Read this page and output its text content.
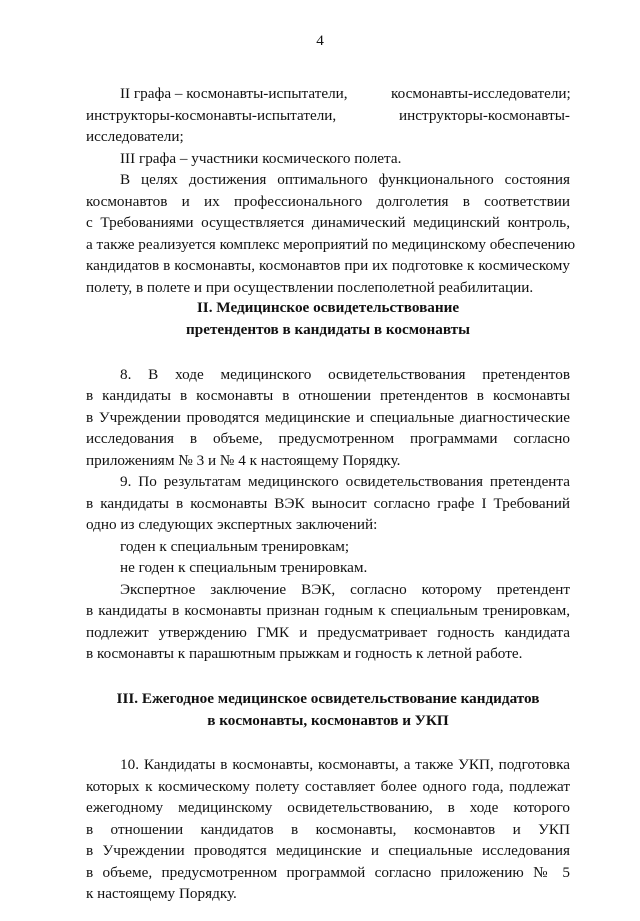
4
II графа – космонавты-испытатели,	космонавты-исследователи;
инструкторы-космонавты-испытатели,	инструкторы-космонавты-
исследователи;
III графа – участники космического полета.
В целях достижения оптимального функционального состояния
космонавтов и их профессионального долголетия в соответствии
с Требованиями осуществляется динамический медицинский контроль,
а также реализуется комплекс мероприятий по медицинскому обеспечению
кандидатов в космонавты, космонавтов при их подготовке к космическому
полету, в полете и при осуществлении послеполетной реабилитации.
II. Медицинское освидетельствование
претендентов в кандидаты в космонавты
8. В ходе медицинского освидетельствования претендентов
в кандидаты в космонавты в отношении претендентов в космонавты
в Учреждении проводятся медицинские и специальные диагностические
исследования в объеме, предусмотренном программами согласно
приложениям № 3 и № 4 к настоящему Порядку.
9. По результатам медицинского освидетельствования претендента
в кандидаты в космонавты ВЭК выносит согласно графе I Требований
одно из следующих экспертных заключений:
годен к специальным тренировкам;
не годен к специальным тренировкам.
Экспертное заключение ВЭК, согласно которому претендент
в кандидаты в космонавты признан годным к специальным тренировкам,
подлежит утверждению ГМК и предусматривает годность кандидата
в космонавты к парашютным прыжкам и годность к летной работе.
III. Ежегодное медицинское освидетельствование кандидатов
в космонавты, космонавтов и УКП
10. Кандидаты в космонавты, космонавты, а также УКП, подготовка
которых к космическому полету составляет более одного года, подлежат
ежегодному медицинскому освидетельствованию, в ходе которого
в отношении кандидатов в космонавты, космонавтов и УКП
в Учреждении проводятся медицинские и специальные исследования
в объеме, предусмотренном программой согласно приложению № 5
к настоящему Порядку.
